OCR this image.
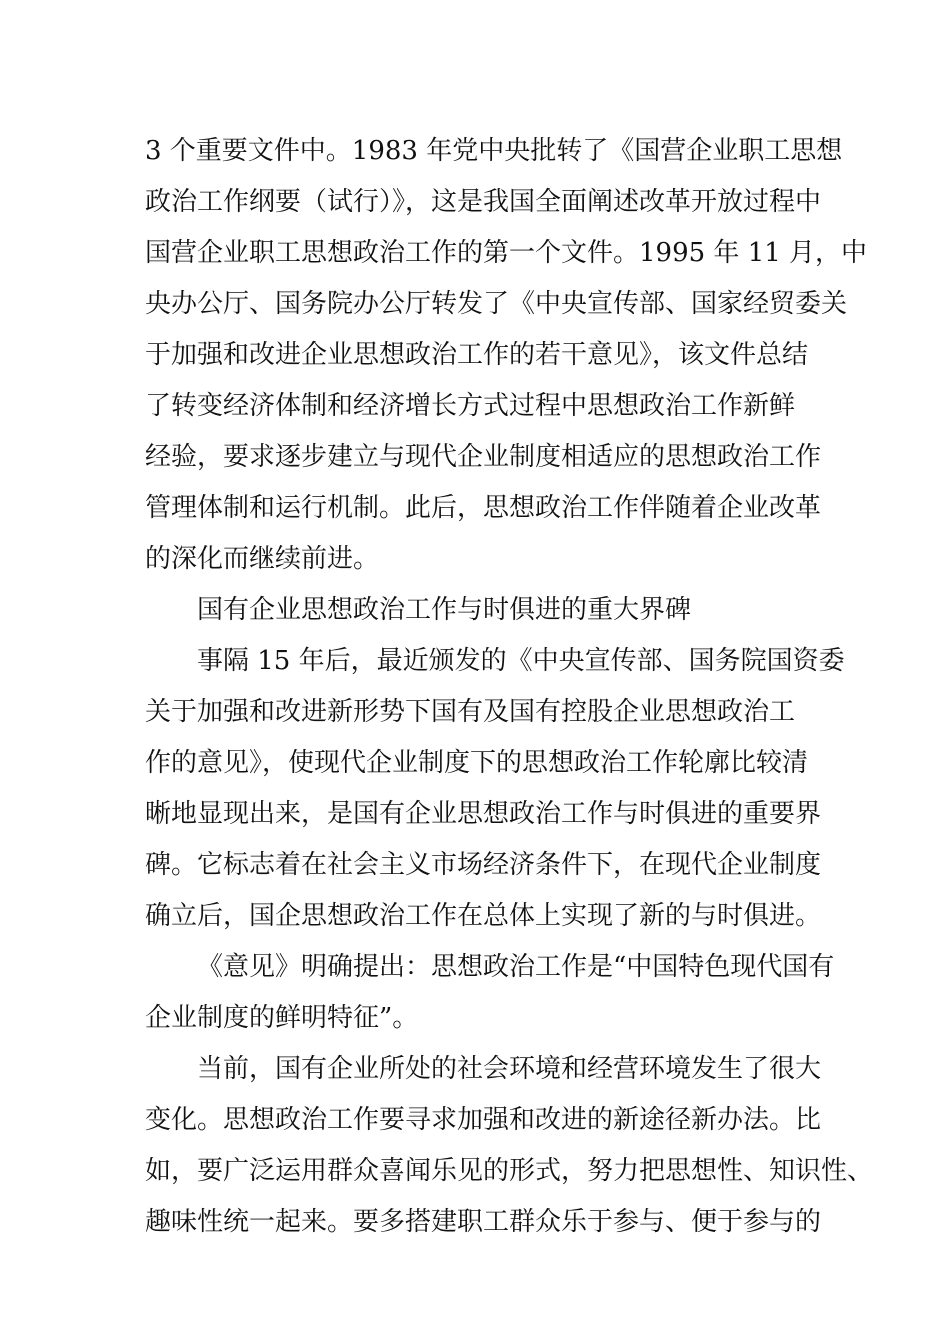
3 个重要文件中。1983 年党中央批转了《国营企业职工思想
政治工作纲要（试行）》，这是我国全面阐述改革开放过程中
国营企业职工思想政治工作的第一个文件。1995 年 11 月，中
央办公厅、国务院办公厅转发了《中央宣传部、国家经贸委关
于加强和改进企业思想政治工作的若干意见》，该文件总结
了转变经济体制和经济增长方式过程中思想政治工作新鲜
经验，要求逐步建立与现代企业制度相适应的思想政治工作
管理体制和运行机制。此后，思想政治工作伴随着企业改革
的深化而继续前进。
国有企业思想政治工作与时俱进的重大界碑
事隔 15 年后，最近颁发的《中央宣传部、国务院国资委
关于加强和改进新形势下国有及国有控股企业思想政治工
作的意见》，使现代企业制度下的思想政治工作轮廓比较清
晰地显现出来，是国有企业思想政治工作与时俱进的重要界
碑。它标志着在社会主义市场经济条件下，在现代企业制度
确立后，国企思想政治工作在总体上实现了新的与时俱进。
《意见》明确提出：思想政治工作是“中国特色现代国有
企业制度的鲜明特征”。
当前，国有企业所处的社会环境和经营环境发生了很大
变化。思想政治工作要寻求加强和改进的新途径新办法。比
如，要广泛运用群众喜闻乐见的形式，努力把思想性、知识性、
趣味性统一起来。要多搭建职工群众乐于参与、便于参与的
